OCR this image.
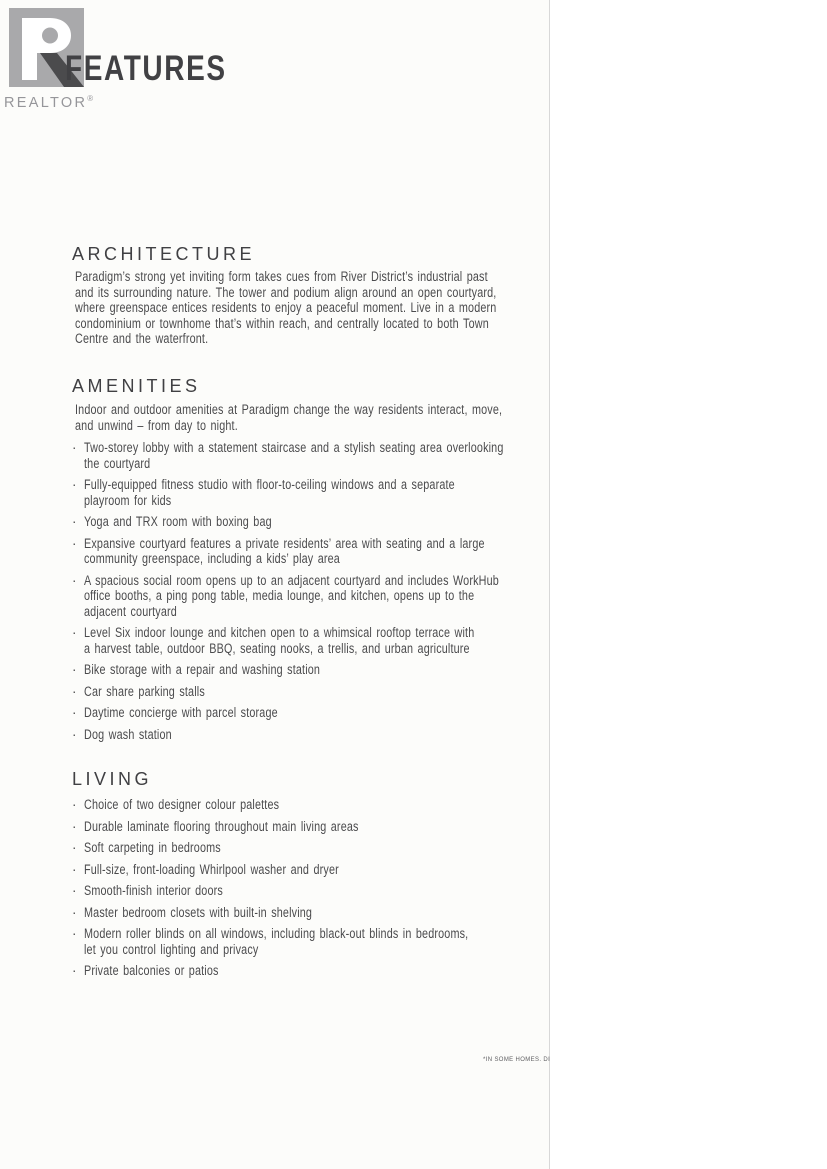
REALTOR®
FEATURES
ARCHITECTURE
Paradigm’s strong yet inviting form takes cues from River District’s industrial past
and its surrounding nature. The tower and podium align around an open courtyard,
where greenspace entices residents to enjoy a peaceful moment. Live in a modern
condominium or townhome that’s within reach, and centrally located to both Town
Centre and the waterfront.
AMENITIES
Indoor and outdoor amenities at Paradigm change the way residents interact, move,
and unwind – from day to night.
· Two-storey lobby with a statement staircase and a stylish seating area overlooking
the courtyard
· Fully-equipped fitness studio with floor-to-ceiling windows and a separate
playroom for kids
· Yoga and TRX room with boxing bag
· Expansive courtyard features a private residents’ area with seating and a large
community greenspace, including a kids’ play area
· A spacious social room opens up to an adjacent courtyard and includes WorkHub
office booths, a ping pong table, media lounge, and kitchen, opens up to the
adjacent courtyard
· Level Six indoor lounge and kitchen open to a whimsical rooftop terrace with
a harvest table, outdoor BBQ, seating nooks, a trellis, and urban agriculture
· Bike storage with a repair and washing station
· Car share parking stalls
· Daytime concierge with parcel storage
· Dog wash station
LIVING
· Choice of two designer colour palettes
· Durable laminate flooring throughout main living areas
· Soft carpeting in bedrooms
· Full-size, front-loading Whirlpool washer and dryer
· Smooth-finish interior doors
· Master bedroom closets with built-in shelving
· Modern roller blinds on all windows, including black-out blinds in bedrooms,
let you control lighting and privacy
· Private balconies or patios
*IN SOME HOMES. DI
